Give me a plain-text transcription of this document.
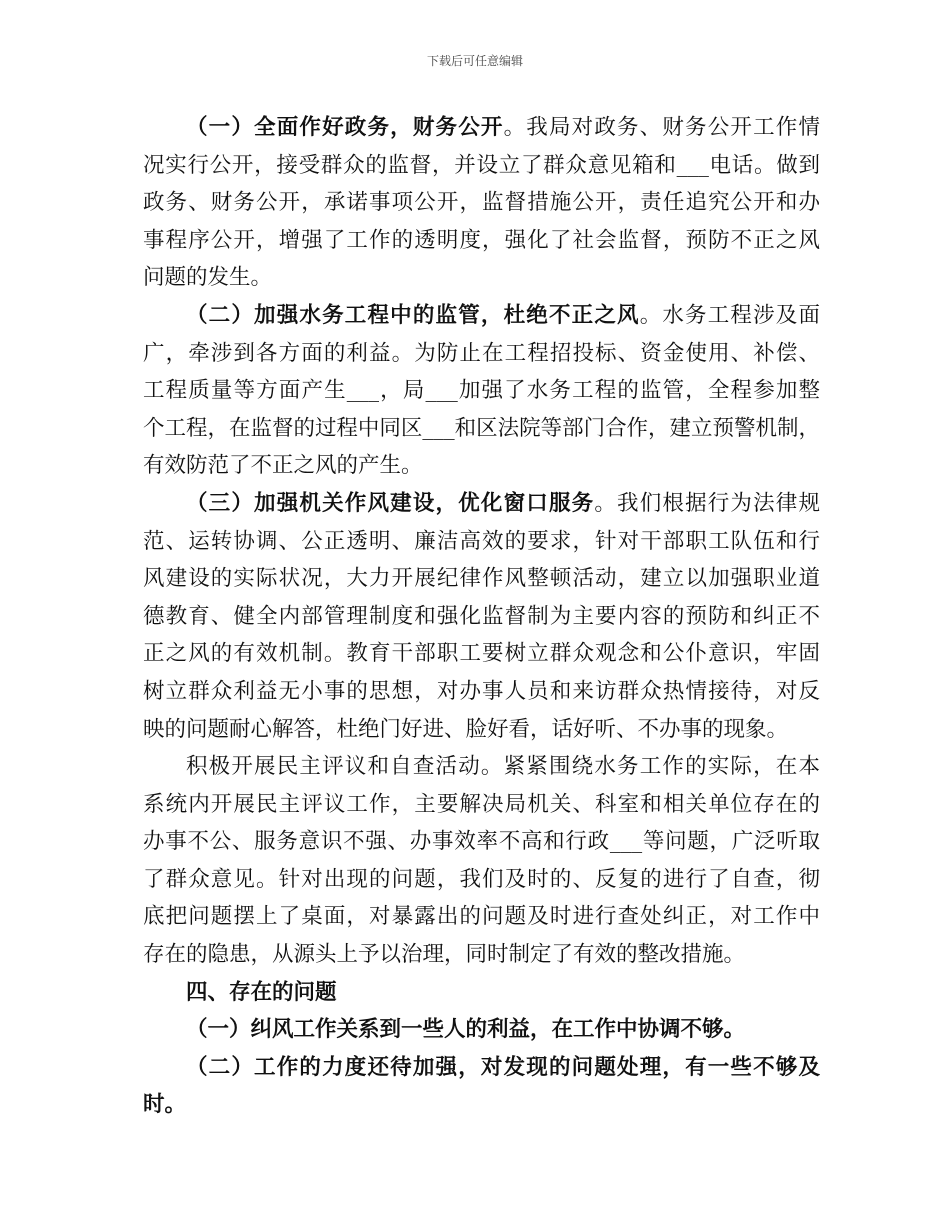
下载后可任意编辑
（一）全面作好政务，财务公开。我局对政务、财务公开工作情
况实行公开，接受群众的监督，并设立了群众意见箱和___电话。做到
政务、财务公开，承诺事项公开，监督措施公开，责任追究公开和办
事程序公开，增强了工作的透明度，强化了社会监督，预防不正之风
问题的发生。
（二）加强水务工程中的监管，杜绝不正之风。水务工程涉及面
广，牵涉到各方面的利益。为防止在工程招投标、资金使用、补偿、
工程质量等方面产生___，局___加强了水务工程的监管，全程参加整
个工程，在监督的过程中同区___和区法院等部门合作，建立预警机制，
有效防范了不正之风的产生。
（三）加强机关作风建设，优化窗口服务。我们根据行为法律规
范、运转协调、公正透明、廉洁高效的要求，针对干部职工队伍和行
风建设的实际状况，大力开展纪律作风整顿活动，建立以加强职业道
德教育、健全内部管理制度和强化监督制为主要内容的预防和纠正不
正之风的有效机制。教育干部职工要树立群众观念和公仆意识，牢固
树立群众利益无小事的思想，对办事人员和来访群众热情接待，对反
映的问题耐心解答，杜绝门好进、脸好看，话好听、不办事的现象。
积极开展民主评议和自查活动。紧紧围绕水务工作的实际，在本
系统内开展民主评议工作，主要解决局机关、科室和相关单位存在的
办事不公、服务意识不强、办事效率不高和行政___等问题，广泛听取
了群众意见。针对出现的问题，我们及时的、反复的进行了自查，彻
底把问题摆上了桌面，对暴露出的问题及时进行查处纠正，对工作中
存在的隐患，从源头上予以治理，同时制定了有效的整改措施。
四、存在的问题
（一）纠风工作关系到一些人的利益，在工作中协调不够。
（二）工作的力度还待加强，对发现的问题处理，有一些不够及
时。
